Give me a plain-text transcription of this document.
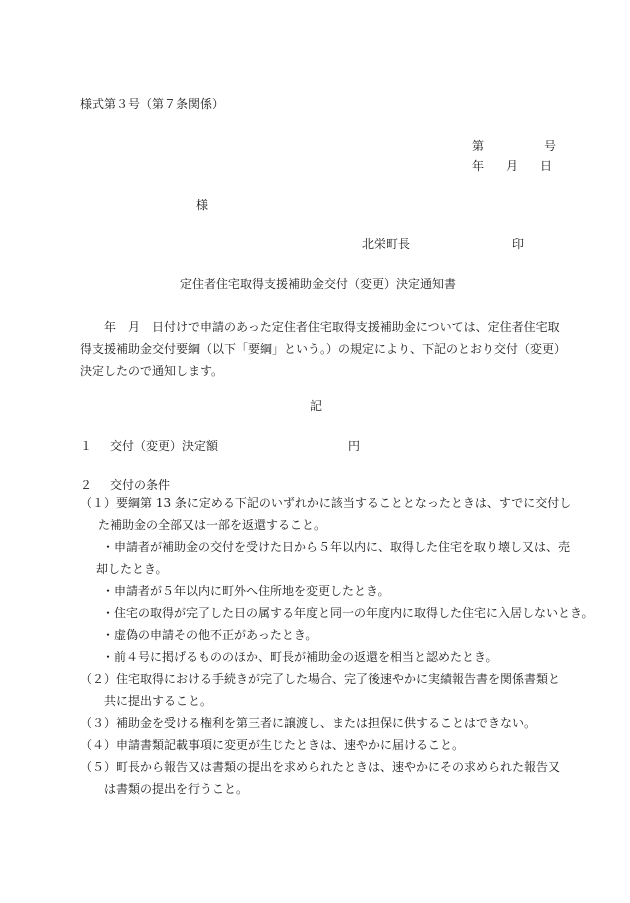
様式第３号（第７条関係）
第	号
年 月 日
様
北栄町長	印
定住者住宅取得支援補助金交付（変更）決定通知書

年　月　日付けで申請のあった定住者住宅取得支援補助金については、定住者住宅取

得支援補助金交付要綱（以下「要綱」という。）の規定により、下記のとおり交付（変更）

決定したので通知します。

記
１ 交付（変更）決定額	円
２ 交付の条件
（１）要綱第 13 条に定める下記のいずれかに該当することとなったときは、すでに交付し
た補助金の全部又は一部を返還すること。
・申請者が補助金の交付を受けた日から５年以内に、取得した住宅を取り壊し又は、売
却したとき。
・申請者が５年以内に町外へ住所地を変更したとき。
・住宅の取得が完了した日の属する年度と同一の年度内に取得した住宅に入居しないとき。
・虚偽の申請その他不正があったとき。
・前４号に掲げるもののほか、町長が補助金の返還を相当と認めたとき。
（２）住宅取得における手続きが完了した場合、完了後速やかに実績報告書を関係書類と
共に提出すること。
（３）補助金を受ける権利を第三者に譲渡し、または担保に供することはできない。
（４）申請書類記載事項に変更が生じたときは、速やかに届けること。
（５）町長から報告又は書類の提出を求められたときは、速やかにその求められた報告又
は書類の提出を行うこと。
